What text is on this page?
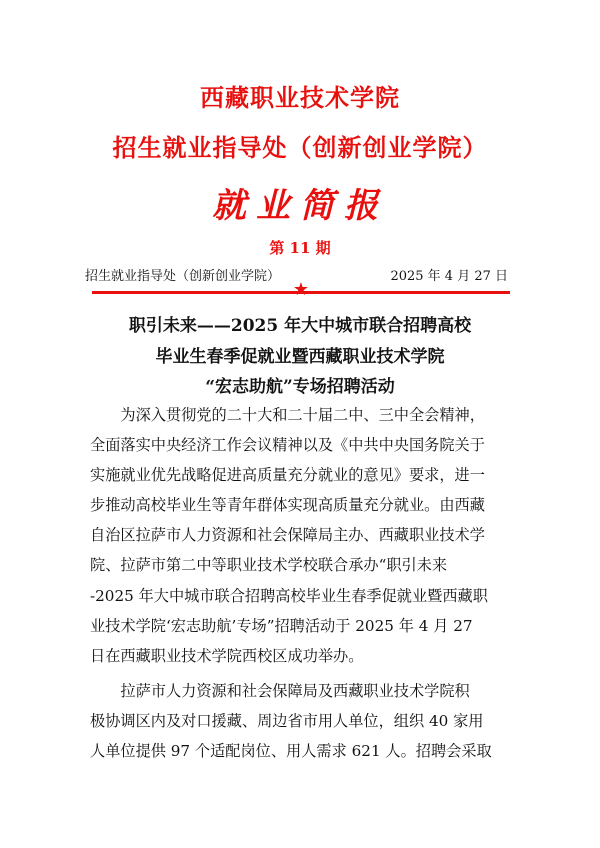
西藏职业技术学院
招生就业指导处（创新创业学院）
就业简报
第 11 期
招生就业指导处（创新创业学院）	2025 年 4 月 27 日
★
职引未来——2025 年大中城市联合招聘高校
毕业生春季促就业暨西藏职业技术学院
“宏志助航”专场招聘活动
　　为深入贯彻党的二十大和二十届二中、三中全会精神，
全面落实中央经济工作会议精神以及《中共中央国务院关于
实施就业优先战略促进高质量充分就业的意见》要求，进一
步推动高校毕业生等青年群体实现高质量充分就业。由西藏
自治区拉萨市人力资源和社会保障局主办、西藏职业技术学
院、拉萨市第二中等职业技术学校联合承办“职引未来
-2025 年大中城市联合招聘高校毕业生春季促就业暨西藏职
业技术学院‘宏志助航’专场”招聘活动于 2025 年 4 月 27
日在西藏职业技术学院西校区成功举办。
　　拉萨市人力资源和社会保障局及西藏职业技术学院积
极协调区内及对口援藏、周边省市用人单位，组织 40 家用
人单位提供 97 个适配岗位、用人需求 621 人。招聘会采取
